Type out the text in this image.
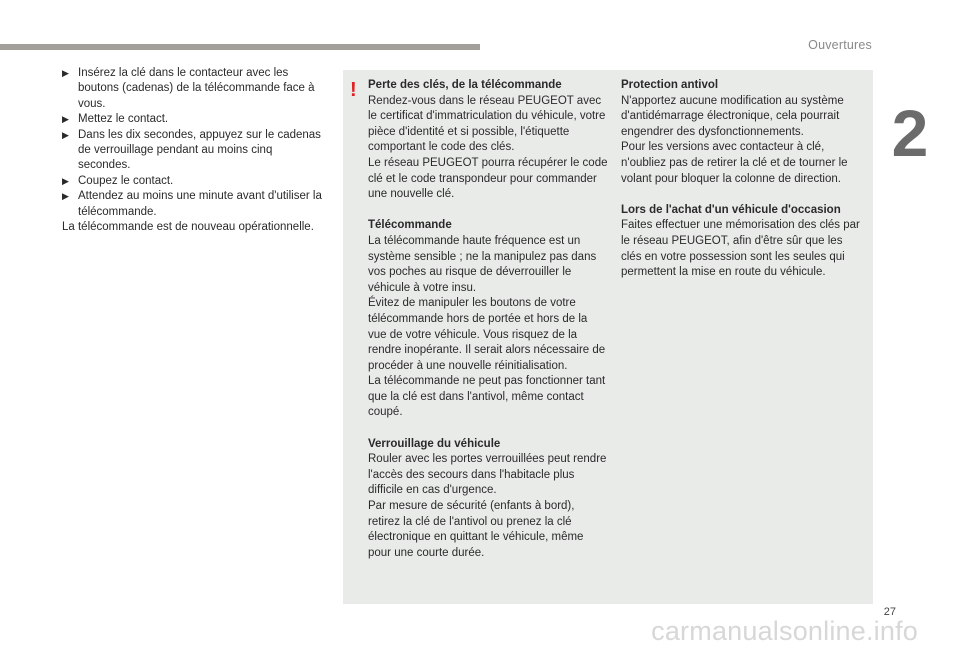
Ouvertures
2
▶ Insérez la clé dans le contacteur avec les boutons (cadenas) de la télécommande face à vous.
▶ Mettez le contact.
▶ Dans les dix secondes, appuyez sur le cadenas de verrouillage pendant au moins cinq secondes.
▶ Coupez le contact.
▶ Attendez au moins une minute avant d'utiliser la télécommande.
La télécommande est de nouveau opérationnelle.
! Perte des clés, de la télécommande
Rendez-vous dans le réseau PEUGEOT avec le certificat d'immatriculation du véhicule, votre pièce d'identité et si possible, l'étiquette comportant le code des clés.
Le réseau PEUGEOT pourra récupérer le code clé et le code transpondeur pour commander une nouvelle clé.

Télécommande
La télécommande haute fréquence est un système sensible ; ne la manipulez pas dans vos poches au risque de déverrouiller le véhicule à votre insu.
Évitez de manipuler les boutons de votre télécommande hors de portée et hors de la vue de votre véhicule. Vous risquez de la rendre inopérante. Il serait alors nécessaire de procéder à une nouvelle réinitialisation.
La télécommande ne peut pas fonctionner tant que la clé est dans l'antivol, même contact coupé.

Verrouillage du véhicule
Rouler avec les portes verrouillées peut rendre l'accès des secours dans l'habitacle plus difficile en cas d'urgence.
Par mesure de sécurité (enfants à bord), retirez la clé de l'antivol ou prenez la clé électronique en quittant le véhicule, même pour une courte durée.

Protection antivol
N'apportez aucune modification au système d'antidémarrage électronique, cela pourrait engendrer des dysfonctionnements.
Pour les versions avec contacteur à clé, n'oubliez pas de retirer la clé et de tourner le volant pour bloquer la colonne de direction.

Lors de l'achat d'un véhicule d'occasion
Faites effectuer une mémorisation des clés par le réseau PEUGEOT, afin d'être sûr que les clés en votre possession sont les seules qui permettent la mise en route du véhicule.

27
carmanualsonline.info
